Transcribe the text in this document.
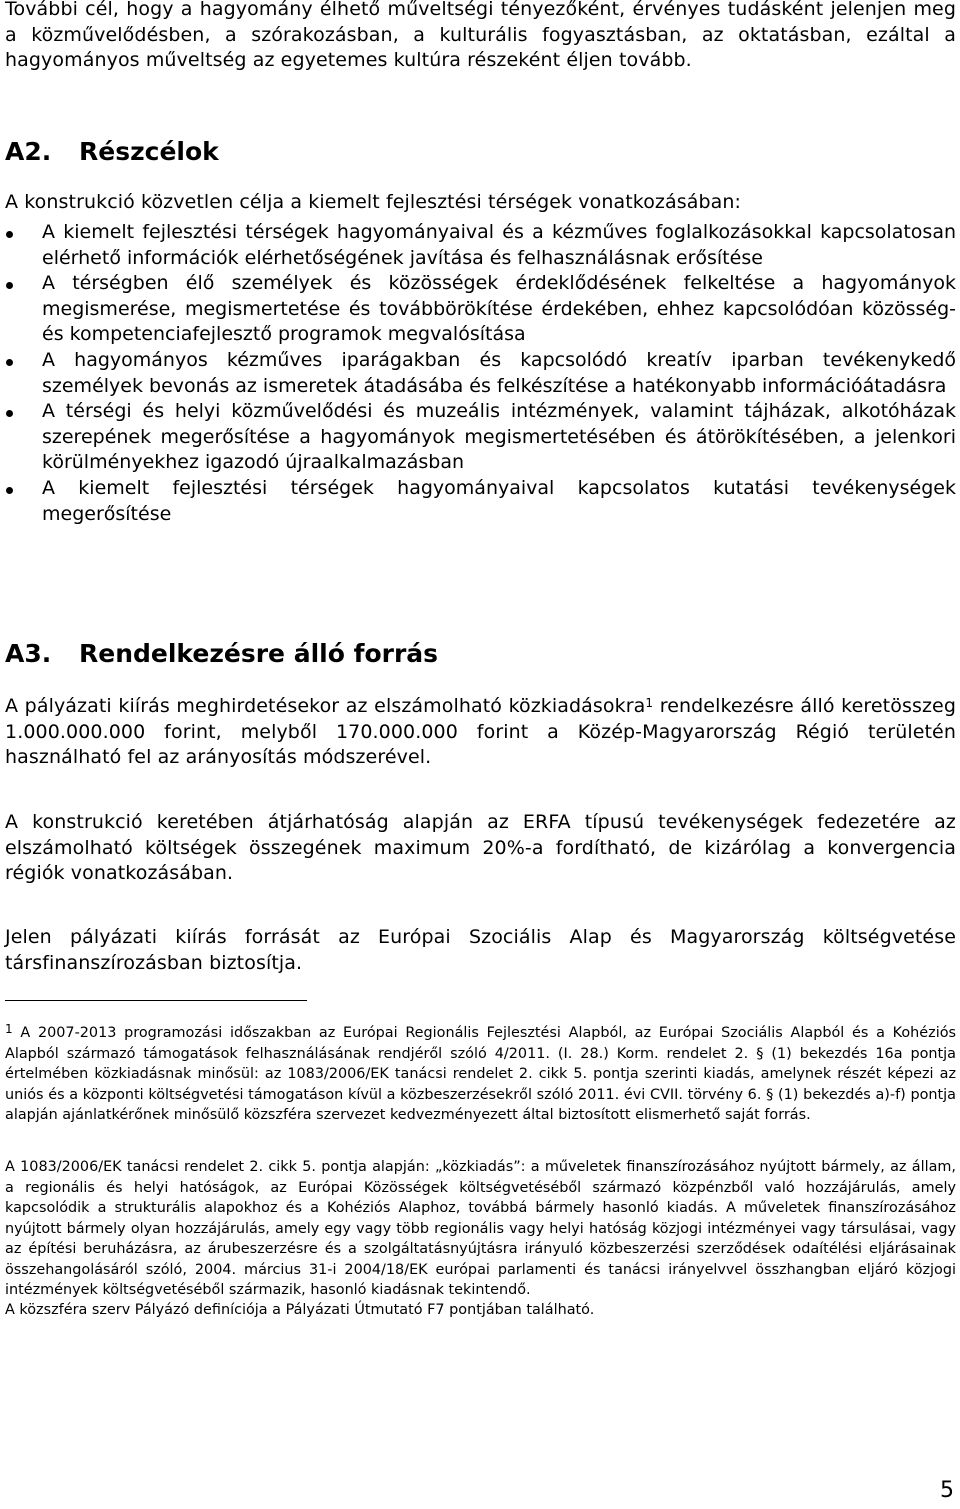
További cél, hogy a hagyomány élhető műveltségi tényezőként, érvényes tudásként jelenjen meg a közművelődésben, a szórakozásban, a kulturális fogyasztásban, az oktatásban, ezáltal a hagyományos műveltség az egyetemes kultúra részeként éljen tovább.

A2. Részcélok

A konstrukció közvetlen célja a kiemelt fejlesztési térségek vonatkozásában:

A kiemelt fejlesztési térségek hagyományaival és a kézműves foglalkozásokkal kapcsolatosan elérhető információk elérhetőségének javítása és felhasználásnak erősítése
A térségben élő személyek és közösségek érdeklődésének felkeltése a hagyományok megismerése, megismertetése és továbbörökítése érdekében, ehhez kapcsolódóan közösség- és kompetenciafejlesztő programok megvalósítása
A hagyományos kézműves iparágakban és kapcsolódó kreatív iparban tevékenykedő személyek bevonás az ismeretek átadásába és felkészítése a hatékonyabb információátadásra
A térségi és helyi közművelődési és muzeális intézmények, valamint tájházak, alkotóházak szerepének megerősítése a hagyományok megismertetésében és átörökítésében, a jelenkori körülményekhez igazodó újraalkalmazásban
A kiemelt fejlesztési térségek hagyományaival kapcsolatos kutatási tevékenységek megerősítése
A3. Rendelkezésre álló forrás

A pályázati kiírás meghirdetésekor az elszámolható közkiadásokra$^1$ rendelkezésre álló keretösszeg 1.000.000.000 forint, melyből 170.000.000 forint a Közép-Magyarország Régió területén használható fel az arányosítás módszerével.

A konstrukció keretében átjárhatóság alapján az ERFA típusú tevékenységek fedezetére az elszámolható költségek összegének maximum 20%-a fordítható, de kizárólag a konvergencia régiók vonatkozásában.

Jelen pályázati kiírás forrását az Európai Szociális Alap és Magyarország költségvetése társfinanszírozásban biztosítja.

$^1$ A 2007-2013 programozási időszakban az Európai Regionális Fejlesztési Alapból, az Európai Szociális Alapból és a Kohéziós Alapból származó támogatások felhasználásának rendjéről szóló 4/2011. (I. 28.) Korm. rendelet 2. § (1) bekezdés 16a pontja értelmében közkiadásnak minősül: az 1083/2006/EK tanácsi rendelet 2. cikk 5. pontja szerinti kiadás, amelynek részét képezi az uniós és a központi költségvetési támogatáson kívül a közbeszerzésekről szóló 2011. évi CVII. törvény 6. § (1) bekezdés a)-f) pontja alapján ajánlatkérőnek minősülő közszféra szervezet kedvezményezett által biztosított elismerhető saját forrás.

A 1083/2006/EK tanácsi rendelet 2. cikk 5. pontja alapján: „közkiadás”: a műveletek finanszírozásához nyújtott bármely, az állam, a regionális és helyi hatóságok, az Európai Közösségek költségvetéséből származó közpénzből való hozzájárulás, amely kapcsolódik a strukturális alapokhoz és a Kohéziós Alaphoz, továbbá bármely hasonló kiadás. A műveletek finanszírozásához nyújtott bármely olyan hozzájárulás, amely egy vagy több regionális vagy helyi hatóság közjogi intézményei vagy társulásai, vagy az építési beruházásra, az árubeszerzésre és a szolgáltatásnyújtásra irányuló közbeszerzési szerződések odaítélési eljárásainak összehangolásáról szóló, 2004. március 31-i 2004/18/EK európai parlamenti és tanácsi irányelvvel összhangban eljáró közjogi intézmények költségvetéséből származik, hasonló kiadásnak tekintendő.

A közszféra szerv Pályázó definíciója a Pályázati Útmutató F7 pontjában található.

5
